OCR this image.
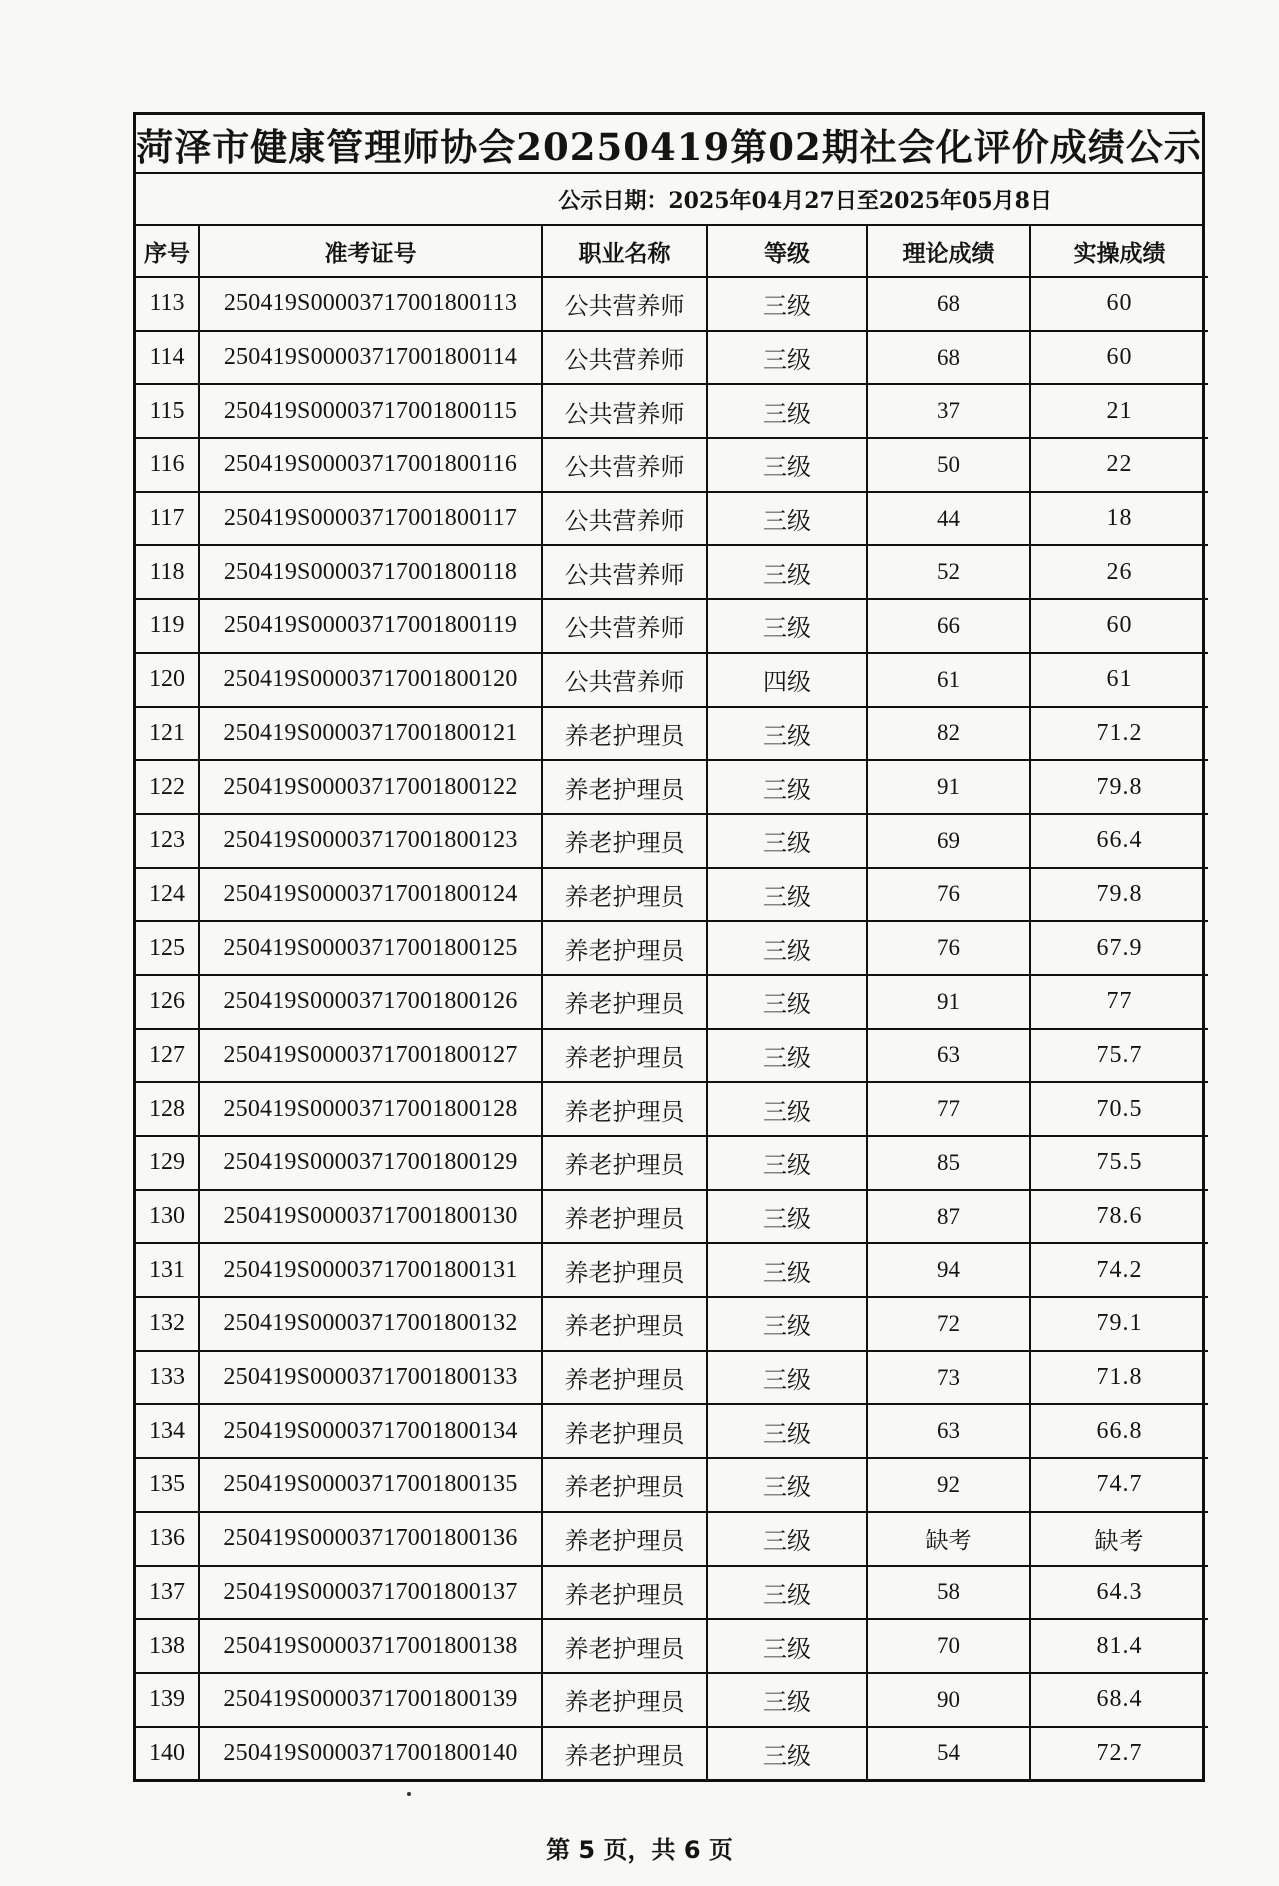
菏泽市健康管理师协会20250419第02期社会化评价成绩公示
公示日期：2025年04月27日至2025年05月8日
序号	准考证号	职业名称	等级	理论成绩	实操成绩
113	250419S00003717001800113	公共营养师	三级	68	60
114	250419S00003717001800114	公共营养师	三级	68	60
115	250419S00003717001800115	公共营养师	三级	37	21
116	250419S00003717001800116	公共营养师	三级	50	22
117	250419S00003717001800117	公共营养师	三级	44	18
118	250419S00003717001800118	公共营养师	三级	52	26
119	250419S00003717001800119	公共营养师	三级	66	60
120	250419S00003717001800120	公共营养师	四级	61	61
121	250419S00003717001800121	养老护理员	三级	82	71.2
122	250419S00003717001800122	养老护理员	三级	91	79.8
123	250419S00003717001800123	养老护理员	三级	69	66.4
124	250419S00003717001800124	养老护理员	三级	76	79.8
125	250419S00003717001800125	养老护理员	三级	76	67.9
126	250419S00003717001800126	养老护理员	三级	91	77
127	250419S00003717001800127	养老护理员	三级	63	75.7
128	250419S00003717001800128	养老护理员	三级	77	70.5
129	250419S00003717001800129	养老护理员	三级	85	75.5
130	250419S00003717001800130	养老护理员	三级	87	78.6
131	250419S00003717001800131	养老护理员	三级	94	74.2
132	250419S00003717001800132	养老护理员	三级	72	79.1
133	250419S00003717001800133	养老护理员	三级	73	71.8
134	250419S00003717001800134	养老护理员	三级	63	66.8
135	250419S00003717001800135	养老护理员	三级	92	74.7
136	250419S00003717001800136	养老护理员	三级	缺考	缺考
137	250419S00003717001800137	养老护理员	三级	58	64.3
138	250419S00003717001800138	养老护理员	三级	70	81.4
139	250419S00003717001800139	养老护理员	三级	90	68.4
140	250419S00003717001800140	养老护理员	三级	54	72.7
第 5 页，共 6 页
